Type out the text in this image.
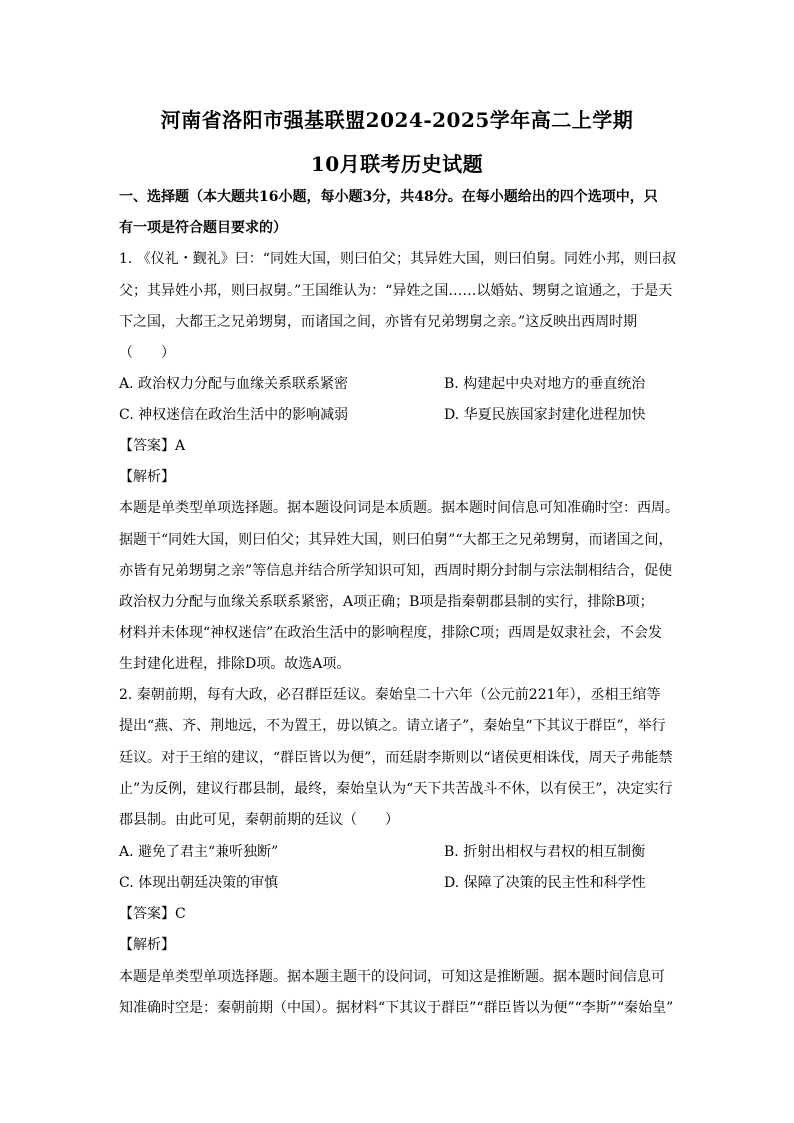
河南省洛阳市强基联盟2024-2025学年高二上学期
10月联考历史试题
一、选择题（本大题共16小题，每小题3分，共48分。在每小题给出的四个选项中，只
有一项是符合题目要求的）
1. 《仪礼・觐礼》曰：“同姓大国，则曰伯父；其异姓大国，则曰伯舅。同姓小邦，则曰叔
父；其异姓小邦，则曰叔舅。”王国维认为：“异姓之国……以婚姑、甥舅之谊通之，于是天
下之国，大都王之兄弟甥舅，而诸国之间，亦皆有兄弟甥舅之亲。”这反映出西周时期
（　　）
A. 政治权力分配与血缘关系联系紧密	B. 构建起中央对地方的垂直统治
C. 神权迷信在政治生活中的影响减弱	D. 华夏民族国家封建化进程加快
【答案】A
【解析】
本题是单类型单项选择题。据本题设问词是本质题。据本题时间信息可知准确时空：西周。
据题干“同姓大国，则曰伯父；其异姓大国，则曰伯舅”“大都王之兄弟甥舅，而诸国之间，
亦皆有兄弟甥舅之亲”等信息并结合所学知识可知，西周时期分封制与宗法制相结合，促使
政治权力分配与血缘关系联系紧密，A项正确；B项是指秦朝郡县制的实行，排除B项；
材料并未体现“神权迷信”在政治生活中的影响程度，排除C项；西周是奴隶社会，不会发
生封建化进程，排除D项。故选A项。
2. 秦朝前期，每有大政，必召群臣廷议。秦始皇二十六年（公元前221年），丞相王绾等
提出“燕、齐、荆地远，不为置王，毋以镇之。请立诸子”，秦始皇“下其议于群臣”，举行
廷议。对于王绾的建议，“群臣皆以为便”，而廷尉李斯则以“诸侯更相诛伐，周天子弗能禁
止”为反例，建议行郡县制，最终，秦始皇认为“天下共苦战斗不休，以有侯王”，决定实行
郡县制。由此可见，秦朝前期的廷议（　　）
A. 避免了君主“兼听独断”	B. 折射出相权与君权的相互制衡
C. 体现出朝廷决策的审慎	D. 保障了决策的民主性和科学性
【答案】C
【解析】
本题是单类型单项选择题。据本题主题干的设问词，可知这是推断题。据本题时间信息可
知准确时空是：秦朝前期（中国）。据材料“下其议于群臣”“群臣皆以为便”“李斯”“秦始皇”
